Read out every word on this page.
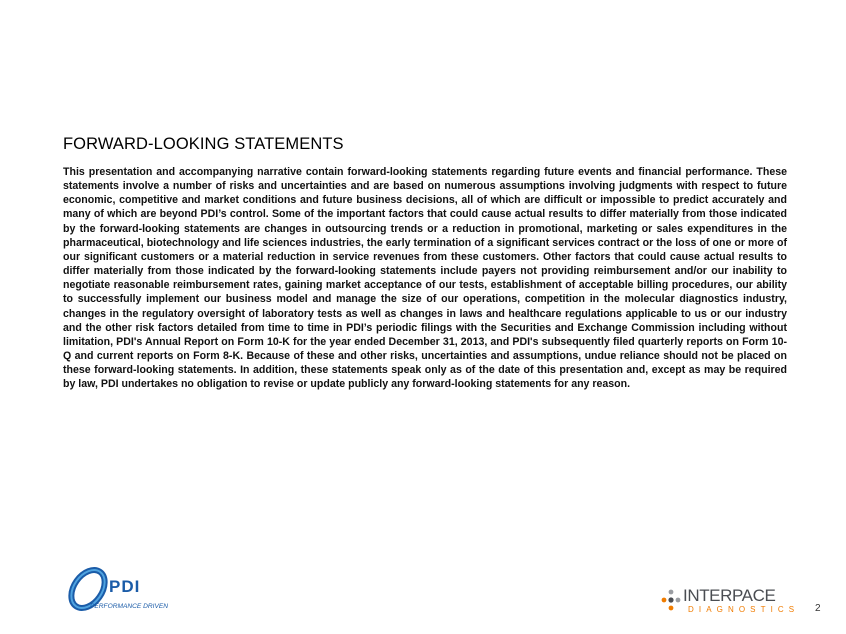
FORWARD-LOOKING STATEMENTS
This presentation and accompanying narrative contain forward-looking statements regarding future events and financial performance. These statements involve a number of risks and uncertainties and are based on numerous assumptions involving judgments with respect to future economic, competitive and market conditions and future business decisions, all of which are difficult or impossible to predict accurately and many of which are beyond PDI’s control. Some of the important factors that could cause actual results to differ materially from those indicated by the forward-looking statements are changes in outsourcing trends or a reduction in promotional, marketing or sales expenditures in the pharmaceutical, biotechnology and life sciences industries, the early termination of a significant services contract or the loss of one or more of our significant customers or a material reduction in service revenues from these customers. Other factors that could cause actual results to differ materially from those indicated by the forward-looking statements include payers not providing reimbursement and/or our inability to negotiate reasonable reimbursement rates, gaining market acceptance of our tests, establishment of acceptable billing procedures, our ability to successfully implement our business model and manage the size of our operations, competition in the molecular diagnostics industry, changes in the regulatory oversight of laboratory tests as well as changes in laws and healthcare regulations applicable to us or our industry and the other risk factors detailed from time to time in PDI’s periodic filings with the Securities and Exchange Commission including without limitation, PDI's Annual Report on Form 10-K for the year ended December 31, 2013, and PDI's subsequently filed quarterly reports on Form 10-Q and current reports on Form 8-K. Because of these and other risks, uncertainties and assumptions, undue reliance should not be placed on these forward-looking statements. In addition, these statements speak only as of the date of this presentation and, except as may be required by law, PDI undertakes no obligation to revise or update publicly any forward-looking statements for any reason.
PDI
PERFORMANCE DRIVEN
INTERPACE
DIAGNOSTICS 2
